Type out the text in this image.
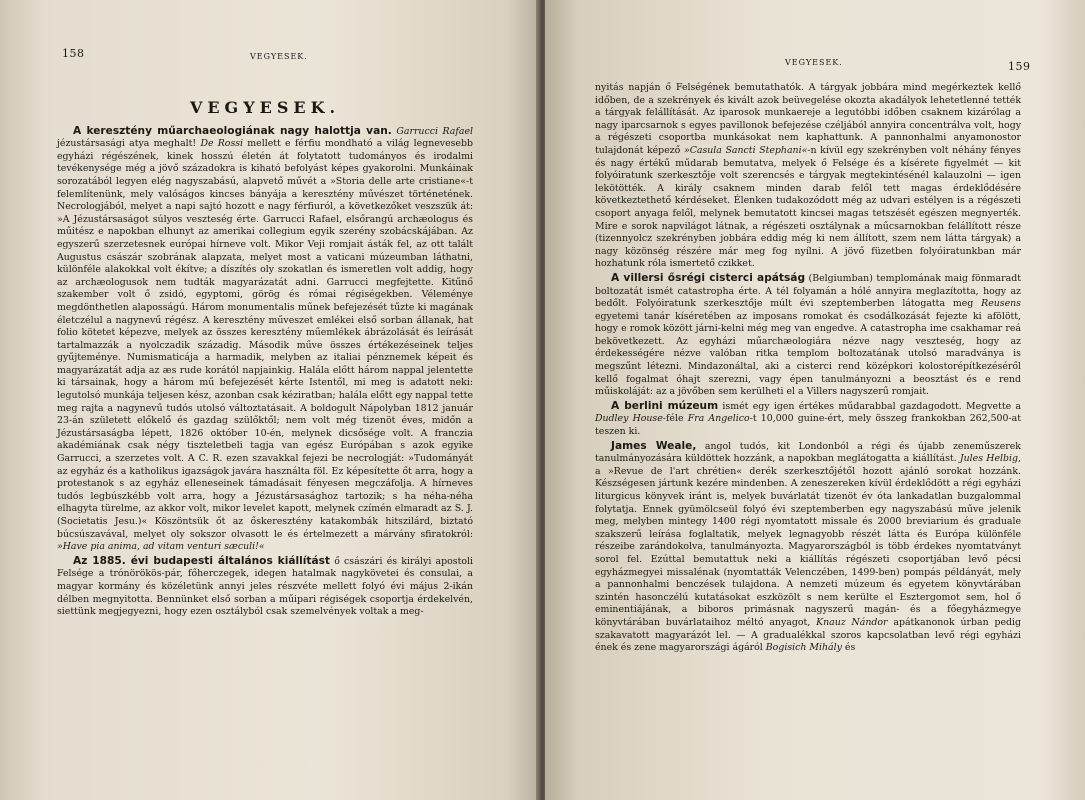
158	VEGYESEK.
VEGYESEK.

A keresztény műarchaeologiának nagy halottja van. Garrucci Rafael jézustársasági atya meghalt! De Rossi mellett e férfiu mondható a világ legnevesebb egyházi régészének, kinek hosszú életén át folytatott tudományos és irodalmi tevékenysége még a jövő századokra is kiható befolyást képes gyakorolni. Munkáinak sorozatából legyen elég nagyszabású, alapvető művét a »Storia delle arte cristiane«-t felemlítenünk, mely valóságos kincses bányája a keresztény művészet történetének. Necrologjából, melyet a napi sajtó hozott e nagy férfiuról, a következőket veszszük át: »A Jézustársaságot súlyos veszteség érte. Garrucci Rafael, elsőrangú archæologus és műitész e napokban elhunyt az amerikai collegium egyik szerény szobácskájában. Az egyszerű szerzetesnek európai hírneve volt. Mikor Veji romjait ásták fel, az ott talált Augustus császár szobrának alapzata, melyet most a vaticani múzeumban láthatni, különféle alakokkal volt ékítve; a díszítés oly szokatlan és ismeretlen volt addig, hogy az archæologusok nem tudták magyarázatát adni. Garrucci megfejtette. Kitűnő szakember volt ő zsidó, egyptomi, görög és római régiségekben. Véleménye megdönthetlen alaposságú. Három monumentalis műnek befejezését tűzte ki magának életczélul a nagynevű régész. A keresztény műveszet emlékei első sorban állanak, hat folio kötetet képezve, melyek az összes keresztény műemlékek ábrázolását és leírását tartalmazzák a nyolczadik századig. Második műve összes értékezéseinek teljes gyűjteménye. Numismaticája a harmadik, melyben az italiai pénznemek képeit és magyarázatát adja az æs rude korától napjainkig. Halála előtt három nappal jelentette ki társainak, hogy a három mű befejezését kérte Istentől, mi meg is adatott neki: legutolsó munkája teljesen kész, azonban csak kéziratban; halála előtt egy nappal tette meg rajta a nagynevű tudós utolsó változtatásait. A boldogult Nápolyban 1812 január 23-án született előkelő és gazdag szülőktől; nem volt még tizenöt éves, midőn a Jézustársaságba lépett, 1826 október 10-én, melynek dicsősége volt. A franczia akadémiának csak négy tiszteletbeli tagja van egész Európában s azok egyike Garrucci, a szerzetes volt. A C. R. ezen szavakkal fejezi be necrologját: »Tudományát az egyház és a katholikus igazságok javára használta föl. Ez képesítette őt arra, hogy a protestanok s az egyház elleneseinek támadásait fényesen megczáfolja. A hírneves tudós legbúszkébb volt arra, hogy a Jézustársasághoz tartozik; s ha néha-néha elhagyta türelme, az akkor volt, mikor levelet kapott, melynek czímén elmaradt az S. J. (Societatis Jesu.)« Köszöntsük őt az őskeresztény katakombák hitszilárd, biztató búcsúszavával, melyet oly sokszor olvasott le és értelmezett a márvány sfiratokról: »Have pia anima, ad vitam venturi sæculi!«

Az 1885. évi budapesti általános kiállítást ő császári és királyi apostoli Felsége a trónörökös-pár, főherczegek, idegen hatalmak nagykövetei és consulai, a magyar kormány és közéletünk annyi jeles részvéte mellett folyó évi május 2-ikán délben megnyitotta. Bennünket első sorban a műipari régiségek csoportja érdekelvén, siettünk megjegyezni, hogy ezen osztályból csak szemelvények voltak a meg-

VEGYESEK.	159

nyitás napján ő Felségének bemutathatók. A tárgyak jobbára mind megérkeztek kellő időben, de a szekrények és kivált azok beüvegelése okozta akadályok lehetetlenné tették a tárgyak felállítását. Az iparosok munkaereje a legutóbbi időben csaknem kizárólag a nagy iparcsarnok s egyes pavillonok befejezése czéljából annyira concentrálva volt, hogy a régészeti csoportba munkásokat nem kaphattunk. A pannonhalmi anyamonostor tulajdonát képező »Casula Sancti Stephani«-n kívül egy szekrényben volt néhány fényes és nagy értékű műdarab bemutatva, melyek ő Felsége és a kísérete figyelmét — kit folyóiratunk szerkesztője volt szerencsés e tárgyak megtekintésénél kalauzolni — igen lekötötték. A király csaknem minden darab felől tett magas érdeklődésére következtethető kérdéseket. Élenken tudakozódott még az udvari estélyen is a régészeti csoport anyaga felől, melynek bemutatott kincsei magas tetszését egészen megnyerték. Mire e sorok napvilágot látnak, a régészeti osztálynak a műcsarnokban felállított része (tizennyolcz szekrényben jobbára eddig még ki nem állított, szem nem látta tárgyak) a nagy közönség részére már meg fog nyílni. A jövő füzetben folyóiratunkban már hozhatunk róla ismertető czikket.

A villersi ősrégi cisterci apátság (Belgiumban) templomának maig fönmaradt boltozatát ismét catastropha érte. A tél folyamán a hólé annyira meglazította, hogy az bedőlt. Folyóiratunk szerkesztője múlt évi szeptemberben látogatta meg Reusens egyetemi tanár kíséretében az imposans romokat és csodálkozását fejezte ki afölött, hogy e romok között járni-kelni még meg van engedve. A catastropha ime csakhamar reá bekövetkezett. Az egyházi műarchæologiára nézve nagy veszteség, hogy az érdekességére nézve valóban ritka templom boltozatának utolsó maradványa is megszűnt létezni. Mindazonáltal, aki a cisterci rend középkori kolostorépítkezéséről kellő fogalmat óhajt szerezni, vagy épen tanulmányozni a beosztást és e rend műiskoláját: az a jövőben sem kerülheti el a Villers nagyszerű romjait.

A berlini múzeum ismét egy igen értékes műdarabbal gazdagodott. Megvette a Dudley House-féle Fra Angelico-t 10,000 guine-ért, mely összeg frankokban 262,500-at teszen ki.

James Weale, angol tudós, kit Londonból a régi és újabb zeneműszerek tanulmányozására küldöttek hozzánk, a napokban meglátogatta a kiállítást. Jules Helbig, a »Revue de l'art chrétien« derék szerkesztőjétől hozott ajánló sorokat hozzánk. Készségesen jártunk kezére mindenben. A zeneszereken kívül érdeklődött a régi egyházi liturgicus könyvek iránt is, melyek buvárlatát tizenöt év óta lankadatlan buzgalommal folytatja. Ennek gyümölcseül folyó évi szeptemberben egy nagyszabású műve jelenik meg, melyben mintegy 1400 régi nyomtatott missale és 2000 breviarium és graduale szakszerű leírása foglaltatik, melyek legnagyobb részét látta és Európa különféle részeibe zarándokolva, tanulmányozta. Magyarországból is több érdekes nyomtatványt sorol fel. Ezúttal bemutattuk neki a kiállítás régészeti csoportjában levő pécsi egyházmegyei missalénak (nyomtatták Velenczében, 1499-ben) pompás példányát, mely a pannonhalmi benczések tulajdona. A nemzeti múzeum és egyetem könyvtárában szintén hasonczélú kutatásokat eszközölt s nem kerülte el Esztergomot sem, hol ő eminentiájának, a biboros primásnak nagyszerű magán- és a főegyházmegye könyvtárában buvárlataihoz méltó anyagot, Knauz Nándor apátkanonok úrban pedig szakavatott magyarázót lel. — A gradualékkal szoros kapcsolatban levő régi egyházi ének és zene magyarországi ágáról Bogisich Mihály és
